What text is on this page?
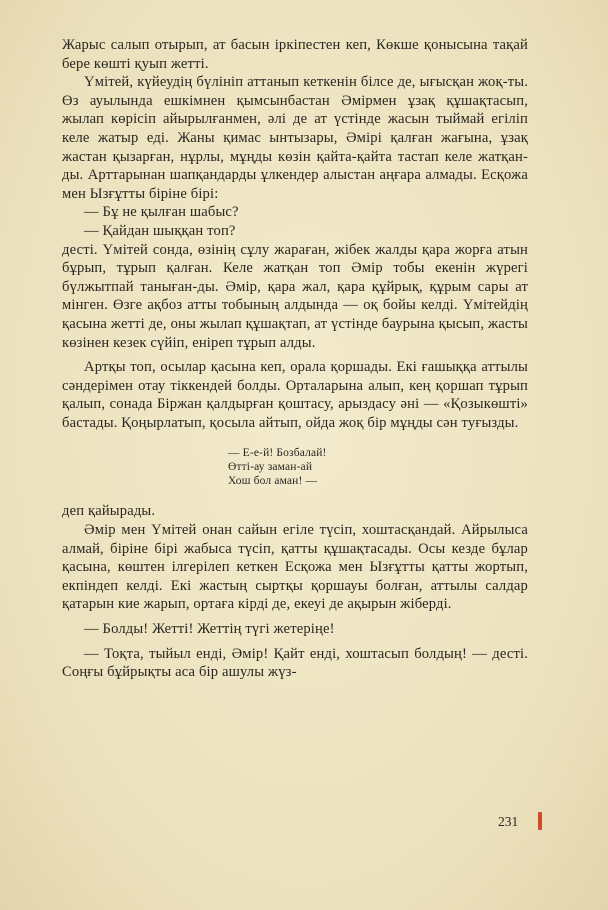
Жарыс салып отырып, ат басын іркіпестен кеп, Көкше қонысына тақай бере көшті қуып жетті.

Үмітей, күйеудің бүлініп аттанып кеткенін білсе де, ығысқан жоқ-ты. Өз ауылында ешкімнен қымсынбастан Әмірмен ұзақ құшақтасып, жылап көрісіп айырылғанмен, әлі де ат үстінде жасын тыймай егіліп келе жатыр еді. Жаны қимас ынтызары, Әмірі қалған жағына, ұзақ жастан қызарған, нұрлы, мұңды көзін қайта-қайта тастап келе жатқан-ды. Арттарынан шапқандарды ұлкендер алыстан аңғара алмады. Есқожа мен Ызғұтты біріне бірі:

— Бұ не қылған шабыс?

— Қайдан шыққан топ?

десті. Үмітей сонда, өзінің сұлу жараған, жібек жалды қара жорға атын бұрып, тұрып қалған. Келе жатқан топ Әмір тобы екенін жүрегі бүлжытпай таныған-ды. Әмір, қара жал, қара құйрық, құрым сары ат мінген. Өзге ақбоз атты тобының алдында — оқ бойы келді. Үмітейдің қасына жетті де, оны жылап құшақтап, ат үстінде баурына қысып, жасты көзінен кезек сүйіп, еніреп тұрып алды.

Артқы топ, осылар қасына кеп, орала қоршады. Екі ғашыққа аттылы сәндерімен отау тіккендей болды. Орталарына алып, кең қоршап тұрып қалып, сонада Біржан қалдырған қоштасу, арыздасу әні — «Қозыкөшті» бастады. Қоңырлатып, қосыла айтып, ойда жоқ бір мұңды сән туғызды.

— Е-е-й! Бозбалай!
Өтті-ау заман-ай
Хош бол аман! —

деп қайырады.

Әмір мен Үмітей онан сайын егіле түсіп, хоштасқандай. Айрылыса алмай, біріне бірі жабыса түсіп, қатты құшақтасады. Осы кезде бұлар қасына, көштен ілгерілеп кеткен Есқожа мен Ызғұтты қатты жортып, екпіндеп келді. Екі жастың сыртқы қоршауы болған, аттылы салдар қатарын кие жарып, ортаға кірді де, екеуі де ақырын жіберді.

— Болды! Жетті! Жеттің түгі жетеріңе!

— Тоқта, тыйыл енді, Әмір! Қайт енді, хоштасып болдың! — десті. Соңғы бұйрықты аса бір ашулы жүз-

231
